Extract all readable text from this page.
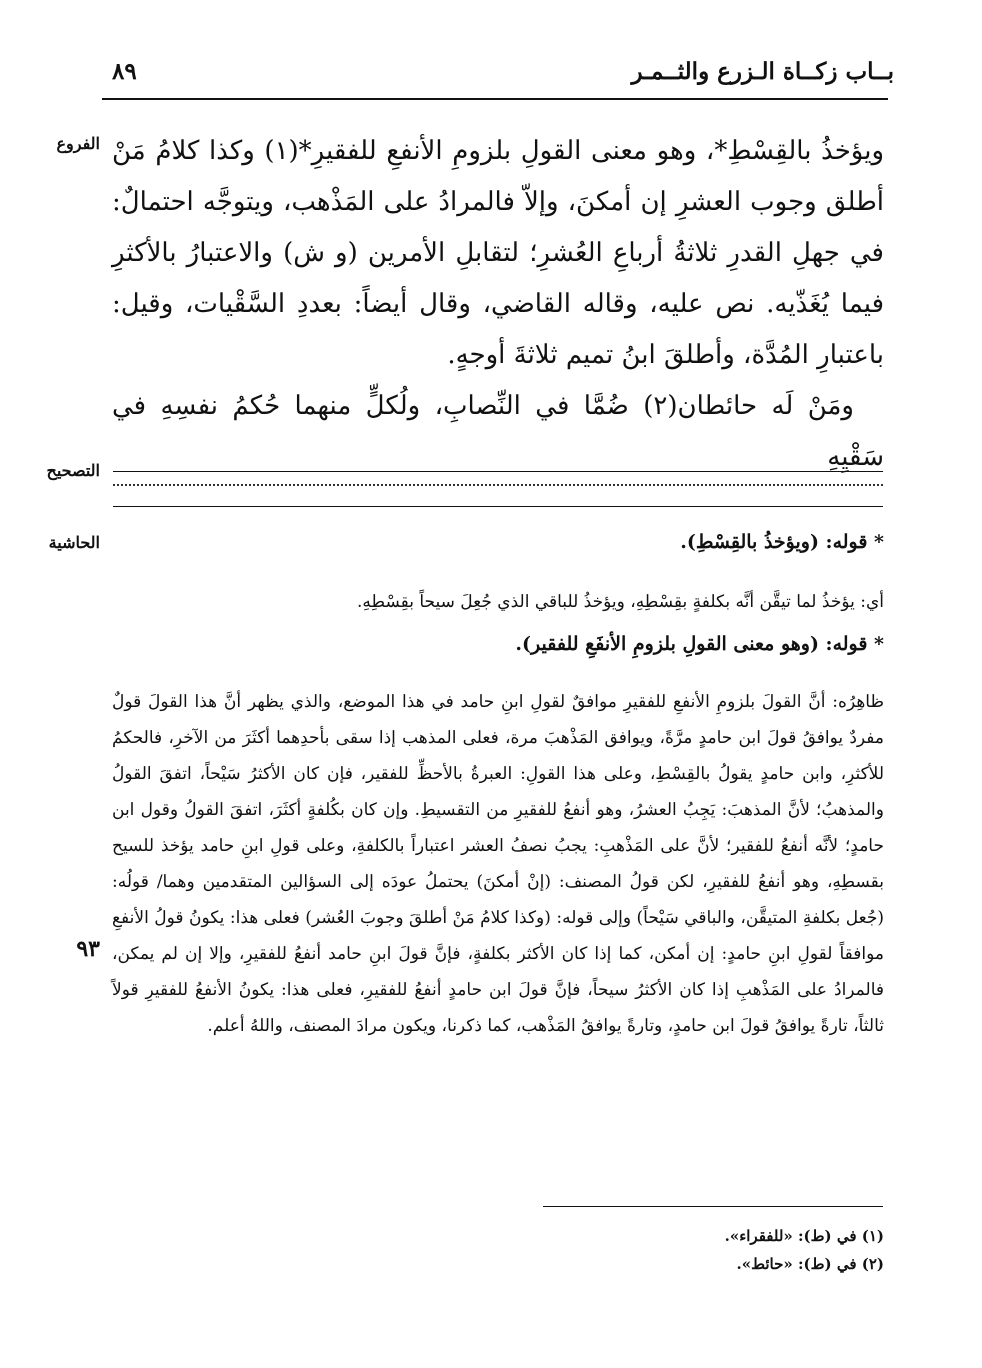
بــاب زكــاة الـزرع والثــمـر
٨٩
الفروع
التصحيح
الحاشية
٩٣

ويؤخذُ بالقِسْطِ*، وهو معنى القولِ بلزومِ الأنفعِ للفقيرِ*(١) وكذا كلامُ مَنْ أطلق وجوب العشرِ إن أمكنَ، وإلاّ فالمرادُ على المَذْهب، ويتوجَّه احتمالٌ: في جهلِ القدرِ ثلاثةُ أرباعِ العُشرِ؛ لتقابلِ الأمرين (و ش) والاعتبارُ بالأكثرِ فيما يُغَذّيه. نص عليه، وقاله القاضي، وقال أيضاً: بعددِ السَّقْيات، وقيل: باعتبارِ المُدَّة، وأطلقَ ابنُ تميم ثلاثةَ أوجهٍ.

ومَنْ لَه حائطان(٢) ضُمَّا في النِّصابِ، ولُكلٍّ منهما حُكمُ نفسِهِ في سَقْيِهِ

* قوله: (ويؤخذُ بالقِسْطِ).

أي: يؤخذُ لما تيقَّن أنَّه بكلفةٍ بقِسْطِهِ، ويؤخذُ للباقي الذي جُعِلَ سيحاً بقِسْطِهِ.

* قوله: (وهو معنى القولِ بلزومِ الأنفَعِ للفقير).

ظاهِرُه: أنَّ القولَ بلزومِ الأنفعِ للفقيرِ موافقٌ لقولِ ابنِ حامد في هذا الموضع، والذي يظهر أنَّ هذا القولَ قولٌ مفردٌ يوافقُ قولَ ابن حامدٍ مرَّةً، ويوافق المَذْهبَ مرة، فعلى المذهب إذا سقى بأحدِهما أكثَرَ من الآخرِ، فالحكمُ للأكثرِ، وابن حامدٍ يقولُ بالقِسْطِ، وعلى هذا القولِ: العبرةُ بالأحظِّ للفقير، فإن كان الأكثرُ سَيْحاً، اتفقَ القولُ والمذهبُ؛ لأنَّ المذهبَ: يَجِبُ العشرُ، وهو أنفعُ للفقيرِ من التقسيطِ. وإن كان بكُلفةٍ أكثَرَ، اتفقَ القولُ وقول ابن حامدٍ؛ لأنَّه أنفعُ للفقير؛ لأنَّ على المَذْهبِ: يجبُ نصفُ العشر اعتباراً بالكلفةِ، وعلى قولِ ابنِ حامد يؤخذ للسيح بقسطِهِ، وهو أنفعُ للفقيرِ، لكن قولُ المصنف: (إنْ أمكنَ) يحتملُ عودَه إلى السؤالين المتقدمين وهما/ قولُه: (جُعل بكلفةِ المتيقَّن، والباقي سَيْحاً) وإلى قوله: (وكذا كلامُ مَنْ أطلقَ وجوبَ العُشر) فعلى هذا: يكونُ قولُ الأنفعِ موافقاً لقولِ ابنِ حامدٍ: إن أمكن، كما إذا كان الأكثر بكلفةٍ، فإنَّ قولَ ابنِ حامد أنفعُ للفقيرِ، وإلا إن لم يمكن، فالمرادُ على المَذْهبِ إذا كان الأكثرُ سيحاً، فإنَّ قولَ ابن حامدٍ أنفعُ للفقيرِ، فعلى هذا: يكونُ الأنفعُ للفقيرِ قولاً ثالثاً، تارةً يوافقُ قولَ ابن حامدٍ، وتارةً يوافقُ المَذْهب، كما ذكرنا، ويكون مرادَ المصنف، واللهُ أعلم.

(١) في (ط): «للفقراء».

(٢) في (ط): «حائط».
